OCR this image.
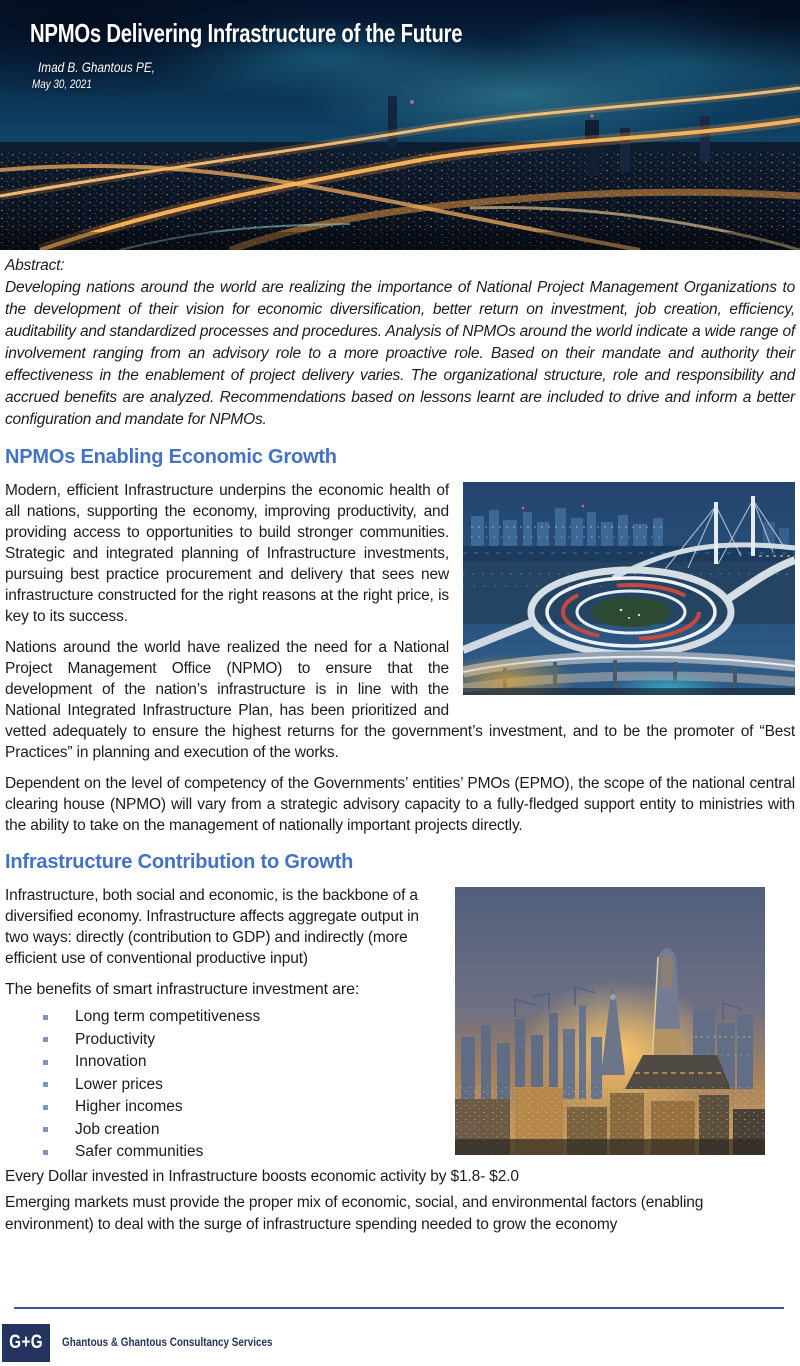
NPMOs Delivering Infrastructure of the Future
Imad B. Ghantous PE,
May 30, 2021
Abstract:
Developing nations around the world are realizing the importance of National Project Management Organizations to the development of their vision for economic diversification, better return on investment, job creation, efficiency, auditability and standardized processes and procedures. Analysis of NPMOs around the world indicate a wide range of involvement ranging from an advisory role to a more proactive role. Based on their mandate and authority their effectiveness in the enablement of project delivery varies. The organizational structure, role and responsibility and accrued benefits are analyzed. Recommendations based on lessons learnt are included to drive and inform a better configuration and mandate for NPMOs.
NPMOs Enabling Economic Growth

Modern, efficient Infrastructure underpins the economic health of all nations, supporting the economy, improving productivity, and providing access to opportunities to build stronger communities. Strategic and integrated planning of Infrastructure investments, pursuing best practice procurement and delivery that sees new infrastructure constructed for the right reasons at the right price, is key to its success.

Nations around the world have realized the need for a National Project Management Office (NPMO) to ensure that the development of the nation’s infrastructure is in line with the National Integrated Infrastructure Plan, has been prioritized and vetted adequately to ensure the highest returns for the government’s investment, and to be the promoter of “Best Practices” in planning and execution of the works.

Dependent on the level of competency of the Governments’ entities’ PMOs (EPMO), the scope of the national central clearing house (NPMO) will vary from a strategic advisory capacity to a fully-fledged support entity to ministries with the ability to take on the management of nationally important projects directly.

Infrastructure Contribution to Growth

Infrastructure, both social and economic, is the backbone of a diversified economy. Infrastructure affects aggregate output in two ways: directly (contribution to GDP) and indirectly (more efficient use of conventional productive input)

The benefits of smart infrastructure investment are:

Long term competitiveness
Productivity
Innovation
Lower prices
Higher incomes
Job creation
Safer communities

Every Dollar invested in Infrastructure boosts economic activity by $1.8- $2.0

Emerging markets must provide the proper mix of economic, social, and environmental factors (enabling environment) to deal with the surge of infrastructure spending needed to grow the economy

G+G Ghantous & Ghantous Consultancy Services
